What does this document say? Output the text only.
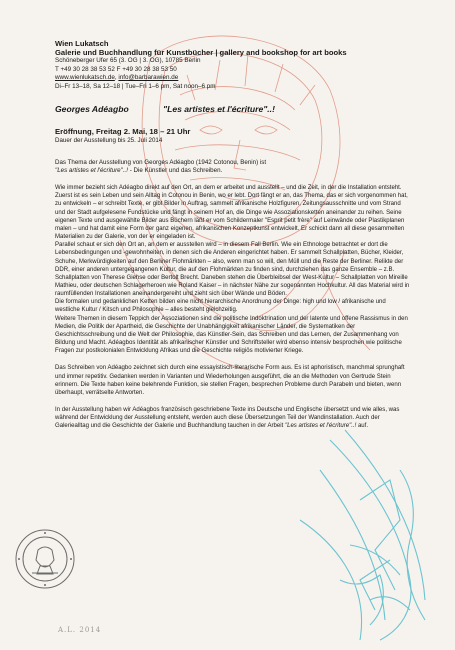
A.L. 2014
Wien Lukatsch
Galerie und Buchhandlung für Kunstbücher | gallery and bookshop for art books
Schöneberger Ufer 65 (3. OG | 3. OG), 10785 Berlin
T +49 30 28 38 53 52 F +49 30 28 38 53 50
www.wienlukatsch.de, info@barbarawien.de
Di–Fr 13–18, Sa 12–18 | Tue–Fri 1–6 pm, Sat noon–6 pm
Georges Adéagbo	"Les artistes et l'écriture"..!
Eröffnung, Freitag 2. Mai, 18 – 21 Uhr
Dauer der Ausstellung bis 25. Juli 2014
Das Thema der Ausstellung von Georges Adéagbo (1942 Cotonou, Benin) ist
"Les artistes et l'écriture"..! - Die Künstler und das Schreiben.
Wie immer bezieht sich Adéagbo direkt auf den Ort, an dem er arbeitet und ausstellt – und die Zeit, in der die Installation entsteht. Zuerst ist es sein Leben und sein Alltag in Cotonou in Benin, wo er lebt. Dort fängt er an, das Thema, das er sich vorgenommen hat, zu entwickeln – er schreibt Texte, er gibt Bilder in Auftrag, sammelt afrikanische Holzfiguren, Zeitungsausschnitte und vom Strand und der Stadt aufgelesene Fundstücke und fängt in seinem Hof an, die Dinge wie Assoziationsketten aneinander zu reihen. Seine eigenen Texte und ausgewählte Bilder aus Büchern läßt er vom Schildermaler "Esprit petit frère" auf Leinwände oder Plastikplanen malen – und hat damit eine Form der ganz eigenen, afrikanischen Konzeptkunst entwickelt. Er schickt dann all diese gesammelten Materialien zu der Galerie, von der er eingeladen ist.
Parallel schaut er sich den Ort an, an dem er ausstellen wird – in diesem Fall Berlin. Wie ein Ethnologe betrachtet er dort die Lebensbedingungen und -gewohnheiten, in denen sich die Anderen eingerichtet haben. Er sammelt Schallplatten, Bücher, Kleider, Schuhe, Merkwürdigkeiten auf den Berliner Flohmärkten – also, wenn man so will, den Müll und die Reste der Berliner. Relikte der DDR, einer anderen untergegangenen Kultur, die auf den Flohmärkten zu finden sind, durchziehen das ganze Ensemble – z.B. Schallplatten von Therese Giehse oder Bertolt Brecht. Daneben stehen die Überbleibsel der West-Kultur – Schallplatten von Mireille Mathieu, oder deutschen Schlagerheroen wie Roland Kaiser – in nächster Nähe zur sogenannten Hochkultur. All das Material wird in raumfüllenden Installationen aneinandergereiht und zieht sich über Wände und Böden.
Die formalen und gedanklichen Ketten bilden eine nicht hierarchische Anordnung der Dinge: high und low / afrikanische und westliche Kultur / Kitsch und Philosophie – alles besteht gleichzeitig.
Weitere Themen in diesem Teppich der Assoziationen sind die politische Indoktrination und der latente und offene Rassismus in den Medien, die Politik der Apartheid, die Geschichte der Unabhängigkeit afrikanischer Länder, die Systematiken der Geschichtsschreibung und die Welt der Philosophie, das Künstler-Sein, das Schreiben und das Lernen, der Zusammenhang von Bildung und Macht. Adéagbos Identität als afrikanischer Künstler und Schriftsteller wird ebenso intensiv besprochen wie politische Fragen zur postkolonialen Entwicklung Afrikas und die Geschichte religiös motivierter Kriege.
Das Schreiben von Adéagbo zeichnet sich durch eine essayistisch-literarische Form aus. Es ist aphoristisch, manchmal sprunghaft und immer repetitiv. Gedanken werden in Varianten und Wiederholungen ausgeführt, die an die Methoden von Gertrude Stein erinnern. Die Texte haben keine belehrende Funktion, sie stellen Fragen, besprechen Probleme durch Parabeln und bieten, wenn überhaupt, verrätselte Antworten.
In der Ausstellung haben wir Adéagbos französisch geschriebene Texte ins Deutsche und Englische übersetzt und wie alles, was während der Entwicklung der Ausstellung entsteht, werden auch diese Übersetzungen Teil der Wandinstallation. Auch der Galeriealltag und die Geschichte der Galerie und Buchhandlung tauchen in der Arbeit "Les artistes et l'écriture"..! auf.
